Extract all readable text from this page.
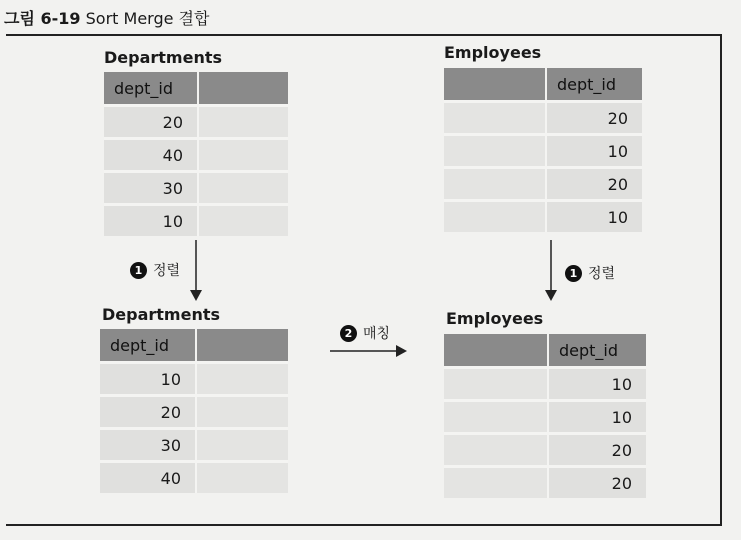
그림 6-19 Sort Merge 결합
Departments
dept_id	
20	
40	
30	
10	
Employees
	dept_id
	20
	10
	20
	10
1 정렬	1 정렬
2 매칭
Departments
dept_id	
10	
20	
30	
40	
Employees
	dept_id
	10
	10
	20
	20
